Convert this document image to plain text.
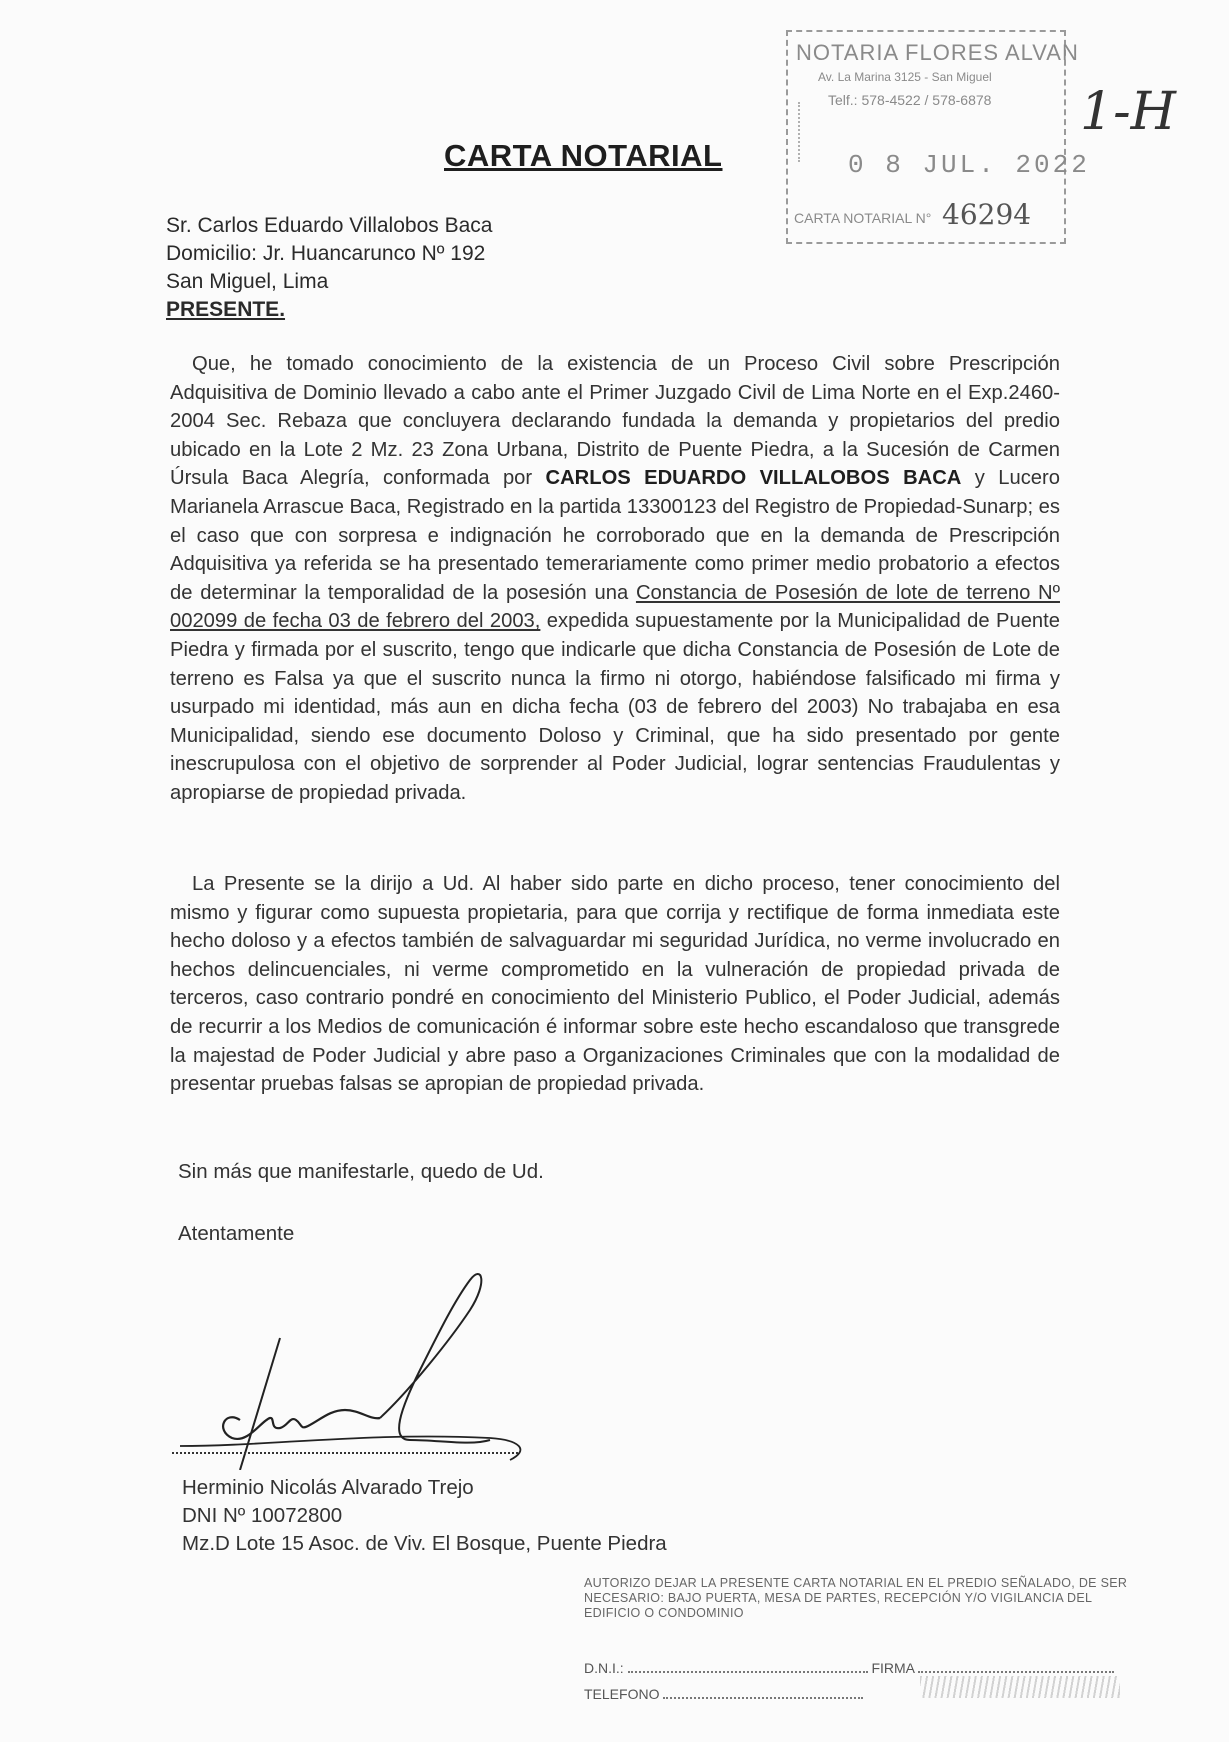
NOTARIA FLORES ALVAN
Av. La Marina 3125 - San Miguel
Telf.: 578-4522 / 578-6878
0 8 JUL. 2022
CARTA NOTARIAL N° 46294
1-H
CARTA NOTARIAL
Sr. Carlos Eduardo Villalobos Baca
Domicilio: Jr. Huancarunco Nº 192
San Miguel, Lima
PRESENTE.
Que, he tomado conocimiento de la existencia de un Proceso Civil sobre Prescripción Adquisitiva de Dominio llevado a cabo ante el Primer Juzgado Civil de Lima Norte en el Exp.2460-2004 Sec. Rebaza que concluyera declarando fundada la demanda y propietarios del predio ubicado en la Lote 2 Mz. 23 Zona Urbana, Distrito de Puente Piedra, a la Sucesión de Carmen Úrsula Baca Alegría, conformada por CARLOS EDUARDO VILLALOBOS BACA y Lucero Marianela Arrascue Baca, Registrado en la partida 13300123 del Registro de Propiedad-Sunarp; es el caso que con sorpresa e indignación he corroborado que en la demanda de Prescripción Adquisitiva ya referida se ha presentado temerariamente como primer medio probatorio a efectos de determinar la temporalidad de la posesión una Constancia de Posesión de lote de terreno Nº 002099 de fecha 03 de febrero del 2003, expedida supuestamente por la Municipalidad de Puente Piedra y firmada por el suscrito, tengo que indicarle que dicha Constancia de Posesión de Lote de terreno es Falsa ya que el suscrito nunca la firmo ni otorgo, habiéndose falsificado mi firma y usurpado mi identidad, más aun en dicha fecha (03 de febrero del 2003) No trabajaba en esa Municipalidad, siendo ese documento Doloso y Criminal, que ha sido presentado por gente inescrupulosa con el objetivo de sorprender al Poder Judicial, lograr sentencias Fraudulentas y apropiarse de propiedad privada.
La Presente se la dirijo a Ud. Al haber sido parte en dicho proceso, tener conocimiento del mismo y figurar como supuesta propietaria, para que corrija y rectifique de forma inmediata este hecho doloso y a efectos también de salvaguardar mi seguridad Jurídica, no verme involucrado en hechos delincuenciales, ni verme comprometido en la vulneración de propiedad privada de terceros, caso contrario pondré en conocimiento del Ministerio Publico, el Poder Judicial, además de recurrir a los Medios de comunicación é informar sobre este hecho escandaloso que transgrede la majestad de Poder Judicial y abre paso a Organizaciones Criminales que con la modalidad de presentar pruebas falsas se apropian de propiedad privada.
Sin más que manifestarle, quedo de Ud.
Atentamente
Herminio Nicolás Alvarado Trejo
DNI Nº 10072800
Mz.D Lote 15 Asoc. de Viv. El Bosque, Puente Piedra
AUTORIZO DEJAR LA PRESENTE CARTA NOTARIAL EN EL PREDIO SEÑALADO, DE SER NECESARIO: BAJO PUERTA, MESA DE PARTES, RECEPCIÓN Y/O VIGILANCIA DEL EDIFICIO O CONDOMINIO
D.N.I.:	FIRMA
TELEFONO
